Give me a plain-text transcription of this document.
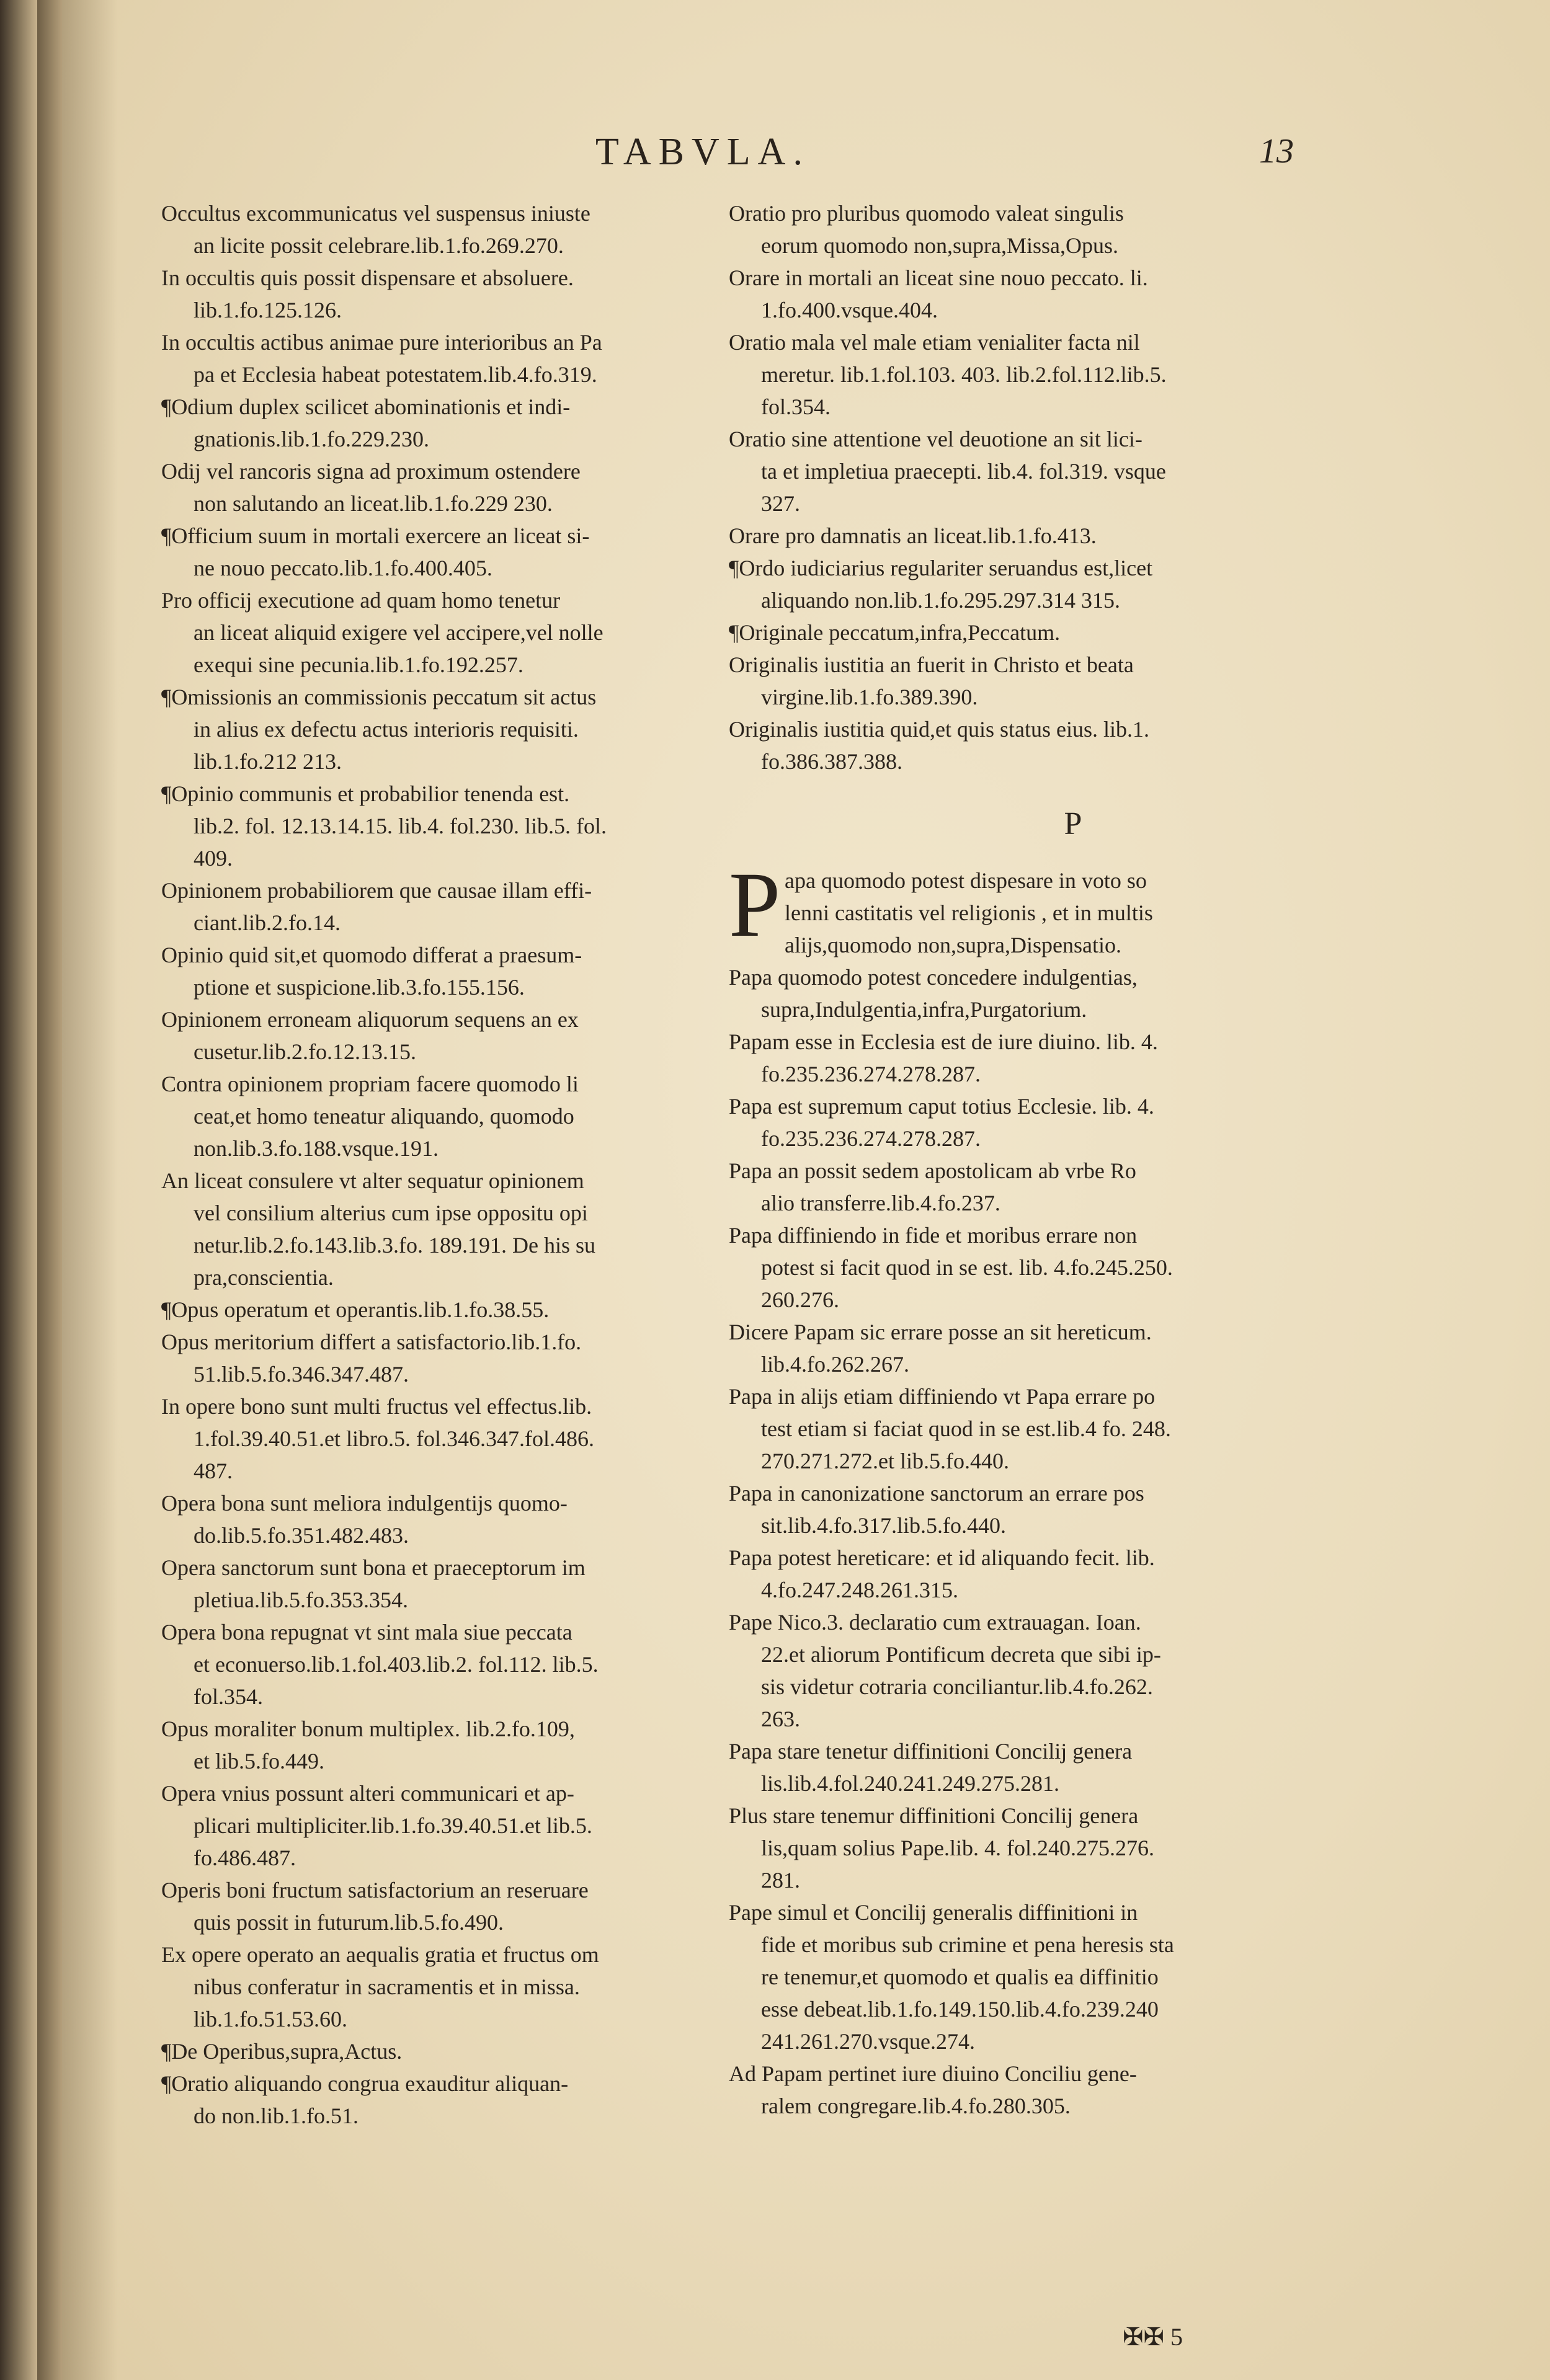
TABVLA.	13

Occultus excommunicatus vel suspensus iniuste
an licite possit celebrare.lib.1.fo.269.270.

In occultis quis possit dispensare et absoluere.
lib.1.fo.125.126.

In occultis actibus animae pure interioribus an Pa
pa et Ecclesia habeat potestatem.lib.4.fo.319.

¶Odium duplex scilicet abominationis et indi-
gnationis.lib.1.fo.229.230.

Odij vel rancoris signa ad proximum ostendere
non salutando an liceat.lib.1.fo.229 230.

¶Officium suum in mortali exercere an liceat si-
ne nouo peccato.lib.1.fo.400.405.

Pro officij executione ad quam homo tenetur
an liceat aliquid exigere vel accipere,vel nolle
exequi sine pecunia.lib.1.fo.192.257.

¶Omissionis an commissionis peccatum sit actus
in alius ex defectu actus interioris requisiti.
lib.1.fo.212 213.

¶Opinio communis et probabilior tenenda est.
lib.2. fol. 12.13.14.15. lib.4. fol.230. lib.5. fol.
409.

Opinionem probabiliorem que causae illam effi-
ciant.lib.2.fo.14.

Opinio quid sit,et quomodo differat a praesum-
ptione et suspicione.lib.3.fo.155.156.

Opinionem erroneam aliquorum sequens an ex
cusetur.lib.2.fo.12.13.15.

Contra opinionem propriam facere quomodo li
ceat,et homo teneatur aliquando, quomodo
non.lib.3.fo.188.vsque.191.

An liceat consulere vt alter sequatur opinionem
vel consilium alterius cum ipse oppositu opi
netur.lib.2.fo.143.lib.3.fo. 189.191. De his su
pra,conscientia.

¶Opus operatum et operantis.lib.1.fo.38.55.

Opus meritorium differt a satisfactorio.lib.1.fo.
51.lib.5.fo.346.347.487.

In opere bono sunt multi fructus vel effectus.lib.
1.fol.39.40.51.et libro.5. fol.346.347.fol.486.
487.

Opera bona sunt meliora indulgentijs quomo-
do.lib.5.fo.351.482.483.

Opera sanctorum sunt bona et praeceptorum im
pletiua.lib.5.fo.353.354.

Opera bona repugnat vt sint mala siue peccata
et econuerso.lib.1.fol.403.lib.2. fol.112. lib.5.
fol.354.

Opus moraliter bonum multiplex. lib.2.fo.109,
et lib.5.fo.449.

Opera vnius possunt alteri communicari et ap-
plicari multipliciter.lib.1.fo.39.40.51.et lib.5.
fo.486.487.

Operis boni fructum satisfactorium an reseruare
quis possit in futurum.lib.5.fo.490.

Ex opere operato an aequalis gratia et fructus om
nibus conferatur in sacramentis et in missa.
lib.1.fo.51.53.60.

¶De Operibus,supra,Actus.

¶Oratio aliquando congrua exauditur aliquan-
do non.lib.1.fo.51.

Oratio pro pluribus quomodo valeat singulis
eorum quomodo non,supra,Missa,Opus.

Orare in mortali an liceat sine nouo peccato. li.
1.fo.400.vsque.404.

Oratio mala vel male etiam venialiter facta nil
meretur. lib.1.fol.103. 403. lib.2.fol.112.lib.5.
fol.354.

Oratio sine attentione vel deuotione an sit lici-
ta et impletiua praecepti. lib.4. fol.319. vsque
327.

Orare pro damnatis an liceat.lib.1.fo.413.

¶Ordo iudiciarius regulariter seruandus est,licet
aliquando non.lib.1.fo.295.297.314 315.

¶Originale peccatum,infra,Peccatum.

Originalis iustitia an fuerit in Christo et beata
virgine.lib.1.fo.389.390.

Originalis iustitia quid,et quis status eius. lib.1.
fo.386.387.388.

P

P apa quomodo potest dispesare in voto so
lenni castitatis vel religionis , et in multis
alijs,quomodo non,supra,Dispensatio.

Papa quomodo potest concedere indulgentias,
supra,Indulgentia,infra,Purgatorium.

Papam esse in Ecclesia est de iure diuino. lib. 4.
fo.235.236.274.278.287.

Papa est supremum caput totius Ecclesie. lib. 4.
fo.235.236.274.278.287.

Papa an possit sedem apostolicam ab vrbe Ro
alio transferre.lib.4.fo.237.

Papa diffiniendo in fide et moribus errare non
potest si facit quod in se est. lib. 4.fo.245.250.
260.276.

Dicere Papam sic errare posse an sit hereticum.
lib.4.fo.262.267.

Papa in alijs etiam diffiniendo vt Papa errare po
test etiam si faciat quod in se est.lib.4 fo. 248.
270.271.272.et lib.5.fo.440.

Papa in canonizatione sanctorum an errare pos
sit.lib.4.fo.317.lib.5.fo.440.

Papa potest hereticare: et id aliquando fecit. lib.
4.fo.247.248.261.315.

Pape Nico.3. declaratio cum extrauagan. Ioan.
22.et aliorum Pontificum decreta que sibi ip-
sis videtur cotraria conciliantur.lib.4.fo.262.
263.

Papa stare tenetur diffinitioni Concilij genera
lis.lib.4.fol.240.241.249.275.281.

Plus stare tenemur diffinitioni Concilij genera
lis,quam solius Pape.lib. 4. fol.240.275.276.
281.

Pape simul et Concilij generalis diffinitioni in
fide et moribus sub crimine et pena heresis sta
re tenemur,et quomodo et qualis ea diffinitio
esse debeat.lib.1.fo.149.150.lib.4.fo.239.240
241.261.270.vsque.274.

Ad Papam pertinet iure diuino Conciliu gene-
ralem congregare.lib.4.fo.280.305.

✠✠ 5
